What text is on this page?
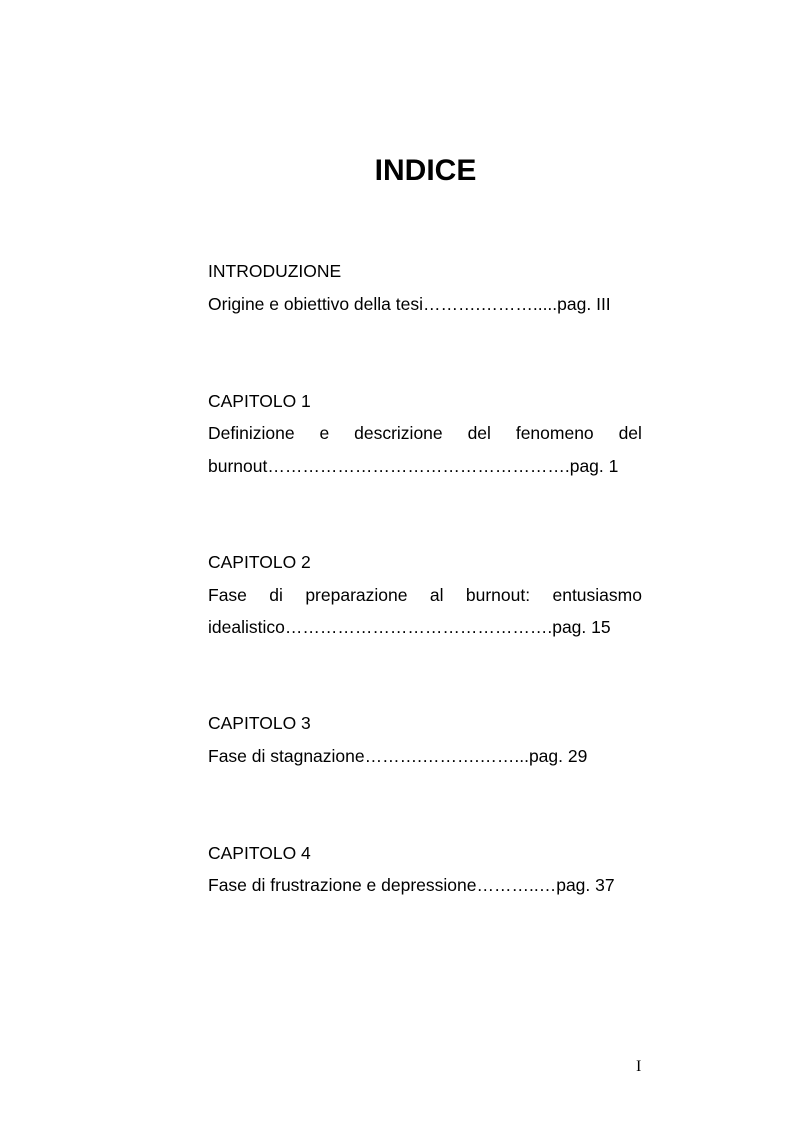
INDICE
INTRODUZIONE
Origine e obiettivo della tesi……….……….....pag. III
CAPITOLO 1
Definizione e descrizione del fenomeno del
burnout…………………………………………….pag. 1
CAPITOLO 2
Fase di preparazione al burnout: entusiasmo
idealistico……………………………………….pag. 15
CAPITOLO 3
Fase di stagnazione……….……….……...pag. 29
CAPITOLO 4
Fase di frustrazione e depressione………..…pag. 37
I
